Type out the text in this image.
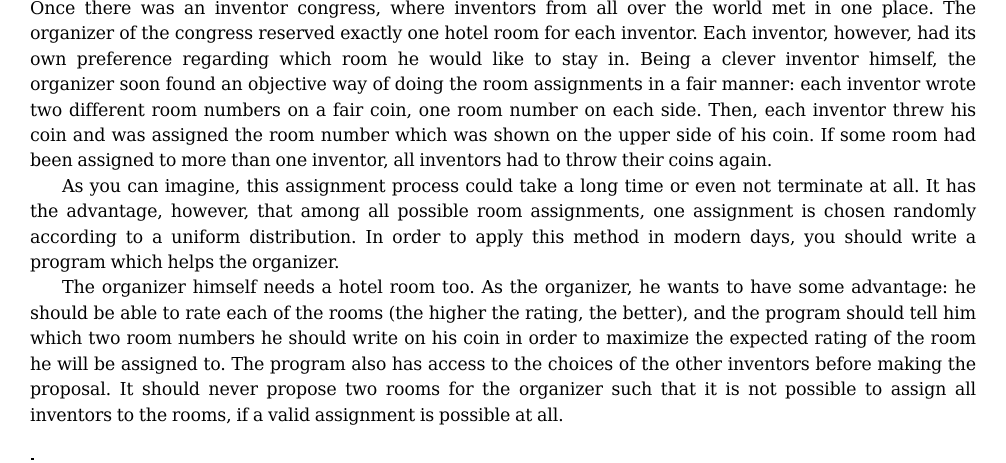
Once there was an inventor congress, where inventors from all over the world met in one place. The organizer of the congress reserved exactly one hotel room for each inventor. Each inventor, however, had its own preference regarding which room he would like to stay in. Being a clever inventor himself, the organizer soon found an objective way of doing the room assignments in a fair manner: each inventor wrote two different room numbers on a fair coin, one room number on each side. Then, each inventor threw his coin and was assigned the room number which was shown on the upper side of his coin. If some room had been assigned to more than one inventor, all inventors had to throw their coins again.

As you can imagine, this assignment process could take a long time or even not terminate at all. It has the advantage, however, that among all possible room assignments, one assignment is chosen randomly according to a uniform distribution. In order to apply this method in modern days, you should write a program which helps the organizer.

The organizer himself needs a hotel room too. As the organizer, he wants to have some advantage: he should be able to rate each of the rooms (the higher the rating, the better), and the program should tell him which two room numbers he should write on his coin in order to maximize the expected rating of the room he will be assigned to. The program also has access to the choices of the other inventors before making the proposal. It should never propose two rooms for the organizer such that it is not possible to assign all inventors to the rooms, if a valid assignment is possible at all.
